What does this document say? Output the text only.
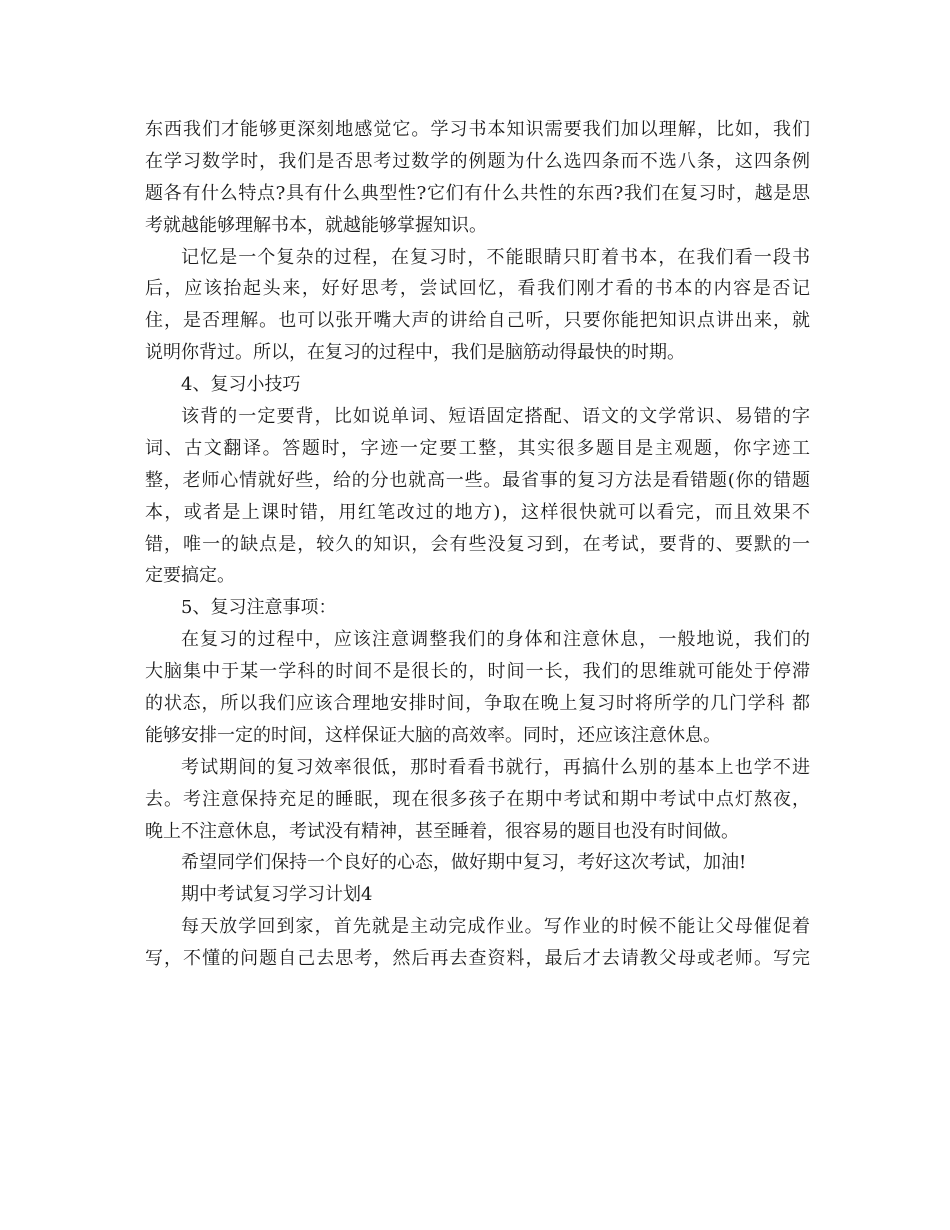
东西我们才能够更深刻地感觉它。学习书本知识需要我们加以理解，比如，我们
在学习数学时，我们是否思考过数学的例题为什么选四条而不选八条，这四条例
题各有什么特点?具有什么典型性?它们有什么共性的东西?我们在复习时，越是思
考就越能够理解书本，就越能够掌握知识。
记忆是一个复杂的过程，在复习时，不能眼睛只盯着书本，在我们看一段书
后，应该抬起头来，好好思考，尝试回忆，看我们刚才看的书本的内容是否记
住，是否理解。也可以张开嘴大声的讲给自己听，只要你能把知识点讲出来，就
说明你背过。所以，在复习的过程中，我们是脑筋动得最快的时期。
4、复习小技巧
该背的一定要背，比如说单词、短语固定搭配、语文的文学常识、易错的字
词、古文翻译。答题时，字迹一定要工整，其实很多题目是主观题，你字迹工
整，老师心情就好些，给的分也就高一些。最省事的复习方法是看错题(你的错题
本，或者是上课时错，用红笔改过的地方)，这样很快就可以看完，而且效果不
错，唯一的缺点是，较久的知识，会有些没复习到，在考试，要背的、要默的一
定要搞定。
5、复习注意事项：
在复习的过程中，应该注意调整我们的身体和注意休息，一般地说，我们的
大脑集中于某一学科的时间不是很长的，时间一长，我们的思维就可能处于停滞
的状态，所以我们应该合理地安排时间，争取在晚上复习时将所学的几门学科 都
能够安排一定的时间，这样保证大脑的高效率。同时，还应该注意休息。
考试期间的复习效率很低，那时看看书就行，再搞什么别的基本上也学不进
去。考注意保持充足的睡眠，现在很多孩子在期中考试和期中考试中点灯熬夜，
晚上不注意休息，考试没有精神，甚至睡着，很容易的题目也没有时间做。
希望同学们保持一个良好的心态，做好期中复习，考好这次考试，加油!
期中考试复习学习计划4
每天放学回到家，首先就是主动完成作业。写作业的时候不能让父母催促着
写，不懂的问题自己去思考，然后再去查资料，最后才去请教父母或老师。写完
